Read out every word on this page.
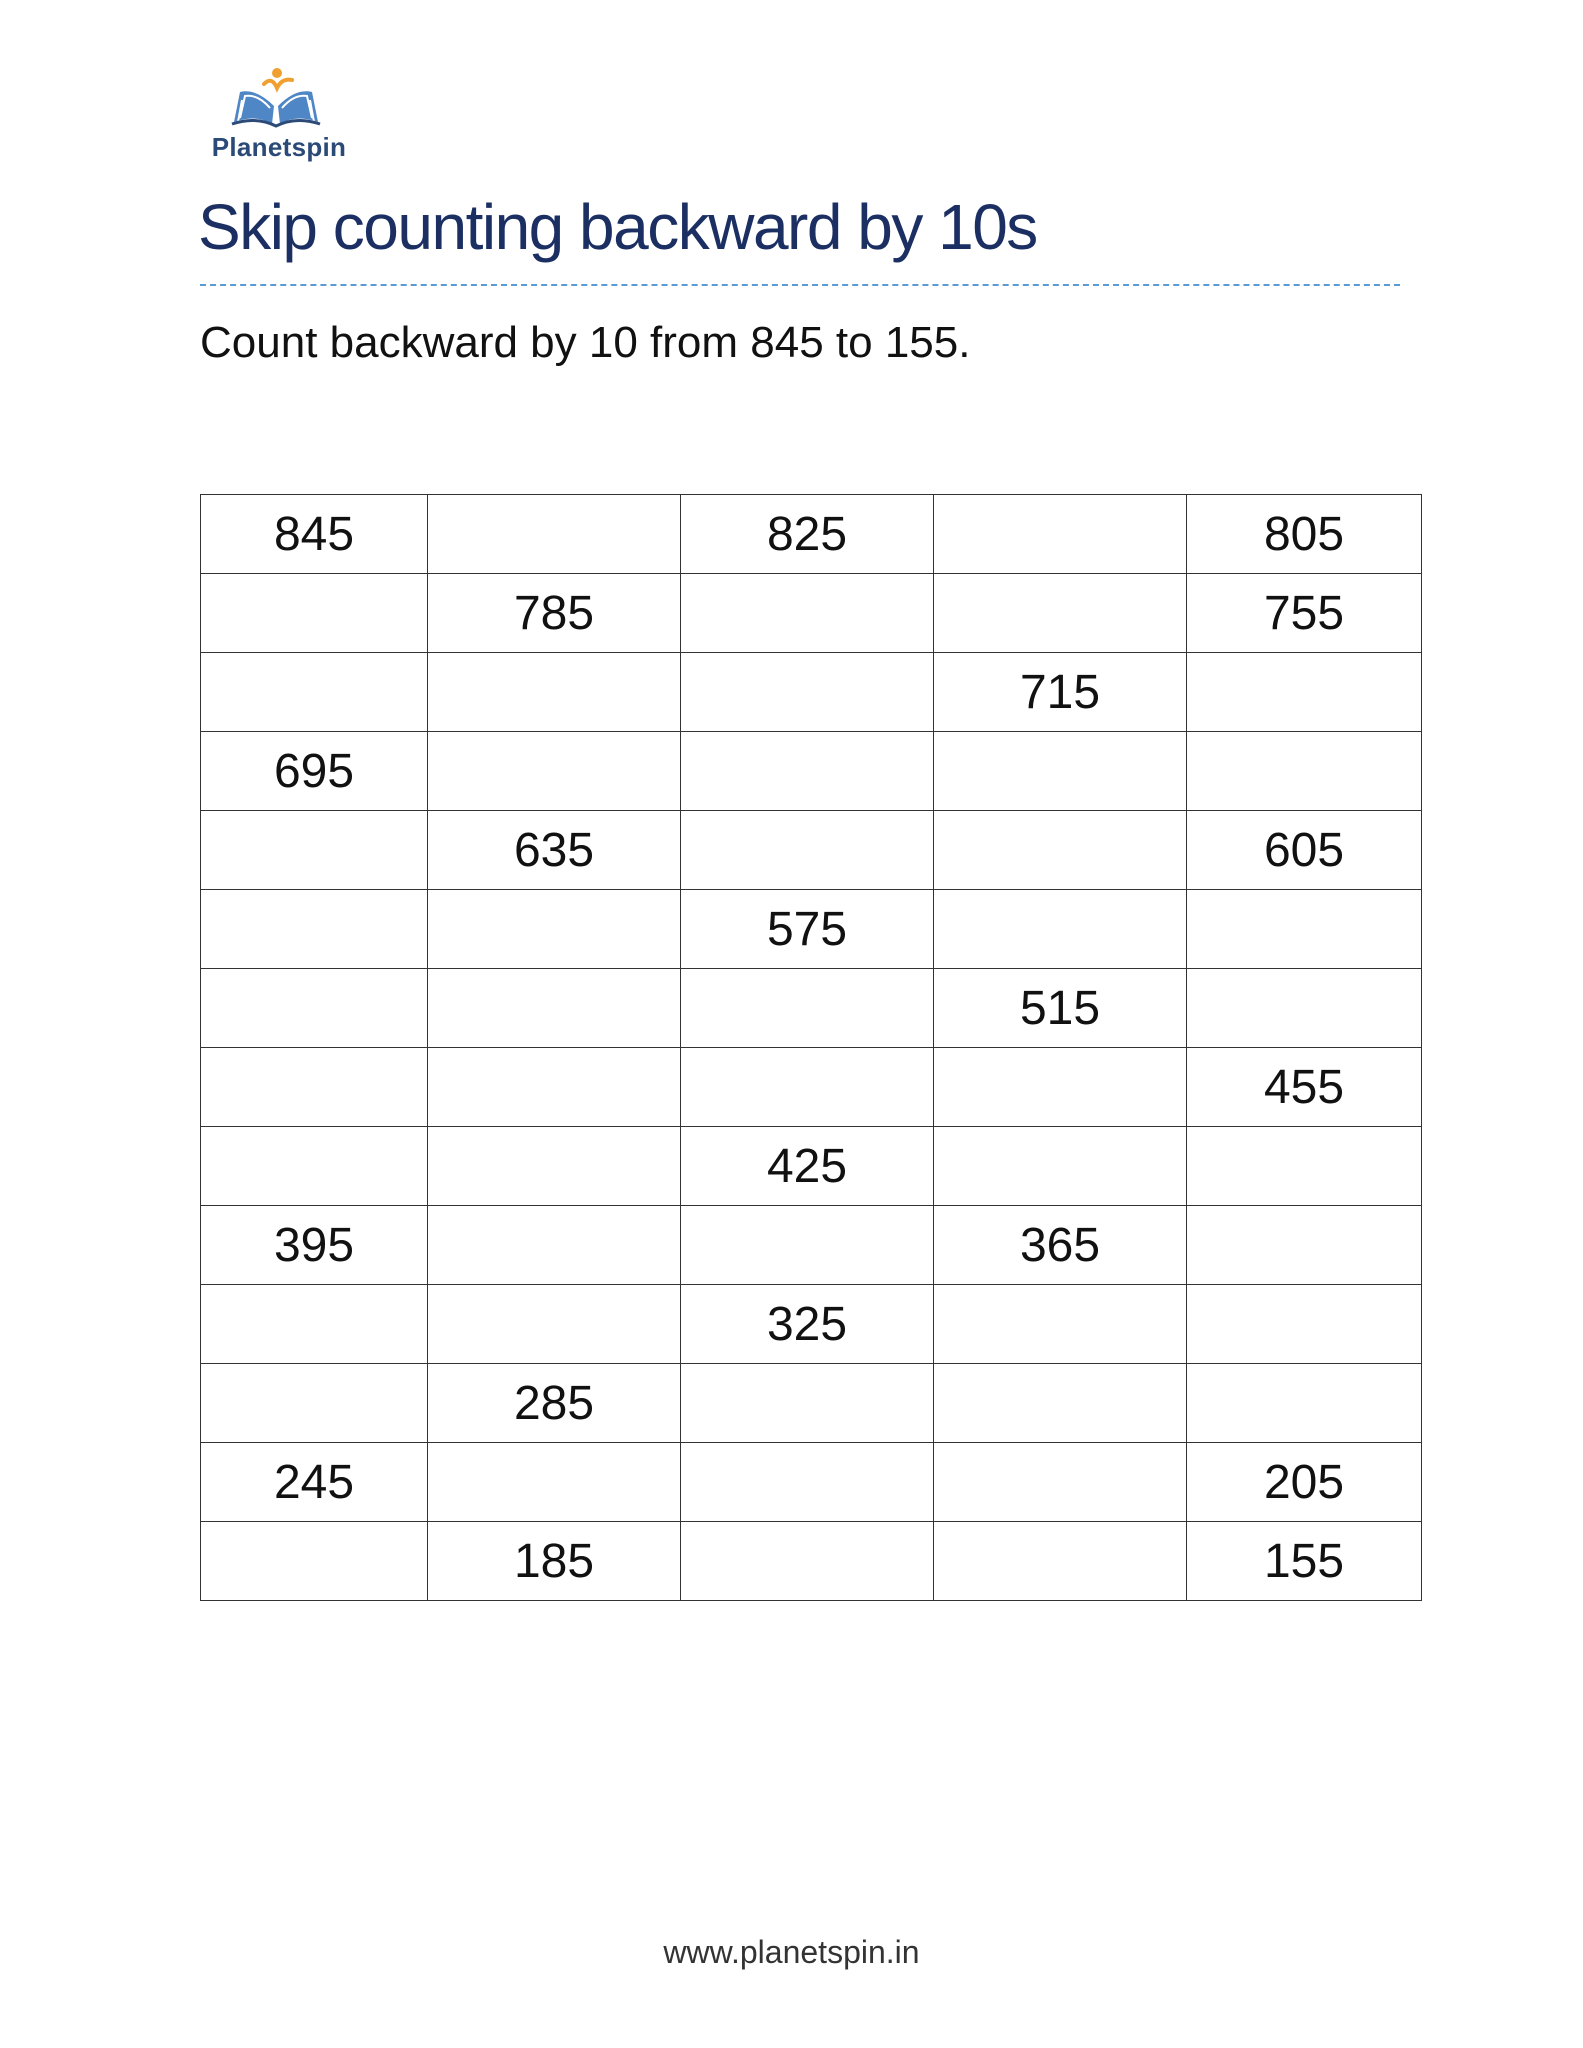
Planetspin
Skip counting backward by 10s

Count backward by 10 from 845 to 155.

845		825		805
	785			755
			715	
695				
	635			605
		575		
			515	
				455
		425		
395			365	
		325		
	285			
245				205
	185			155
www.planetspin.in
